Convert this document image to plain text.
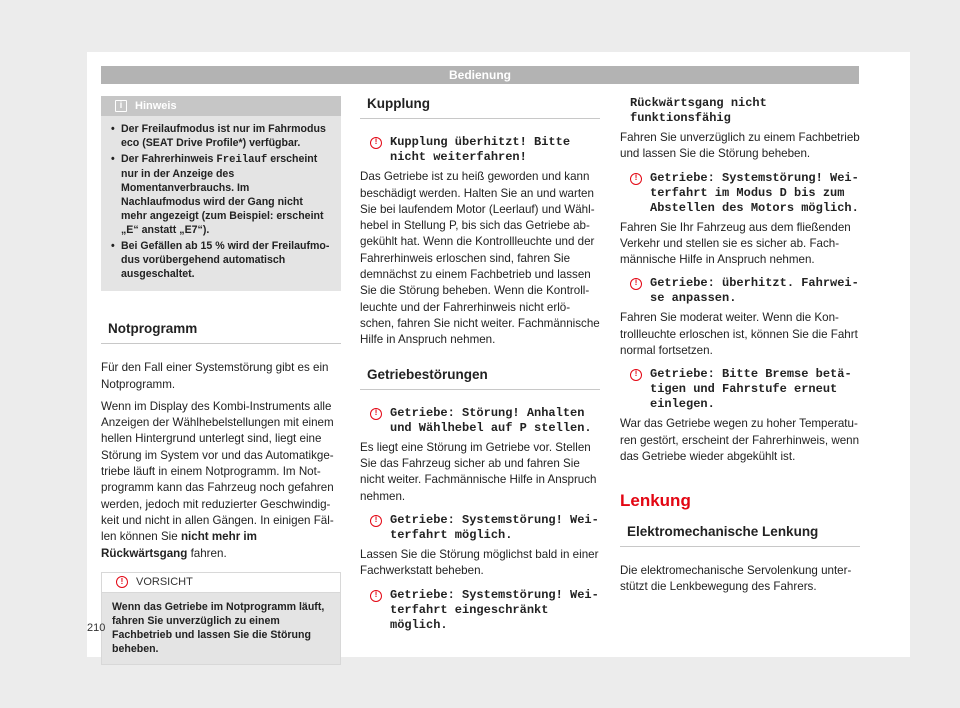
Bedienung
i	Hinweis
• Der Freilaufmodus ist nur im Fahrmodus eco (SEAT Drive Profile*) verfügbar.
• Der Fahrerhinweis Freilauf erscheint nur in der Anzeige des Momentanverbrauchs. Im Nachlaufmodus wird der Gang nicht mehr angezeigt (zum Beispiel: erscheint „E“ anstatt „E7“).
• Bei Gefällen ab 15 % wird der Freilaufmodus vorübergehend automatisch ausgeschaltet.
Notprogramm

Für den Fall einer Systemstörung gibt es ein Notprogramm.

Wenn im Display des Kombi-Instruments alle Anzeigen der Wählhebelstellungen mit einem hellen Hintergrund unterlegt sind, liegt eine Störung im System vor und das Automatikgetriebe läuft in einem Notprogramm. Im Notprogramm kann das Fahrzeug noch gefahren werden, jedoch mit reduzierter Geschwindigkeit und nicht in allen Gängen. In einigen Fällen können Sie nicht mehr im Rückwärtsgang fahren.

!	VORSICHT
Wenn das Getriebe im Notprogramm läuft, fahren Sie unverzüglich zu einem Fachbetrieb und lassen Sie die Störung beheben.
Kupplung
! Kupplung überhitzt! Bitte nicht weiterfahren!

Das Getriebe ist zu heiß geworden und kann beschädigt werden. Halten Sie an und warten Sie bei laufendem Motor (Leerlauf) und Wählhebel in Stellung P, bis sich das Getriebe abgekühlt hat. Wenn die Kontrollleuchte und der Fahrerhinweis erloschen sind, fahren Sie demnächst zu einem Fachbetrieb und lassen Sie die Störung beheben. Wenn die Kontrollleuchte und der Fahrerhinweis nicht erlöschen, fahren Sie nicht weiter. Fachmännische Hilfe in Anspruch nehmen.

Getriebestörungen
! Getriebe: Störung! Anhalten und Wählhebel auf P stellen.

Es liegt eine Störung im Getriebe vor. Stellen Sie das Fahrzeug sicher ab und fahren Sie nicht weiter. Fachmännische Hilfe in Anspruch nehmen.

! Getriebe: Systemstörung! Weiterfahrt möglich.

Lassen Sie die Störung möglichst bald in einer Fachwerkstatt beheben.

! Getriebe: Systemstörung! Weiterfahrt eingeschränkt möglich.
Rückwärtsgang nicht funktionsfähig

Fahren Sie unverzüglich zu einem Fachbetrieb und lassen Sie die Störung beheben.

! Getriebe: Systemstörung! Weiterfahrt im Modus D bis zum Abstellen des Motors möglich.

Fahren Sie Ihr Fahrzeug aus dem fließenden Verkehr und stellen sie es sicher ab. Fachmännische Hilfe in Anspruch nehmen.

! Getriebe: überhitzt. Fahrweise anpassen.

Fahren Sie moderat weiter. Wenn die Kontrollleuchte erloschen ist, können Sie die Fahrt normal fortsetzen.

! Getriebe: Bitte Bremse betätigen und Fahrstufe erneut einlegen.

War das Getriebe wegen zu hoher Temperaturen gestört, erscheint der Fahrerhinweis, wenn das Getriebe wieder abgekühlt ist.

Lenkung
Elektromechanische Lenkung

Die elektromechanische Servolenkung unterstützt die Lenkbewegung des Fahrers.

210
